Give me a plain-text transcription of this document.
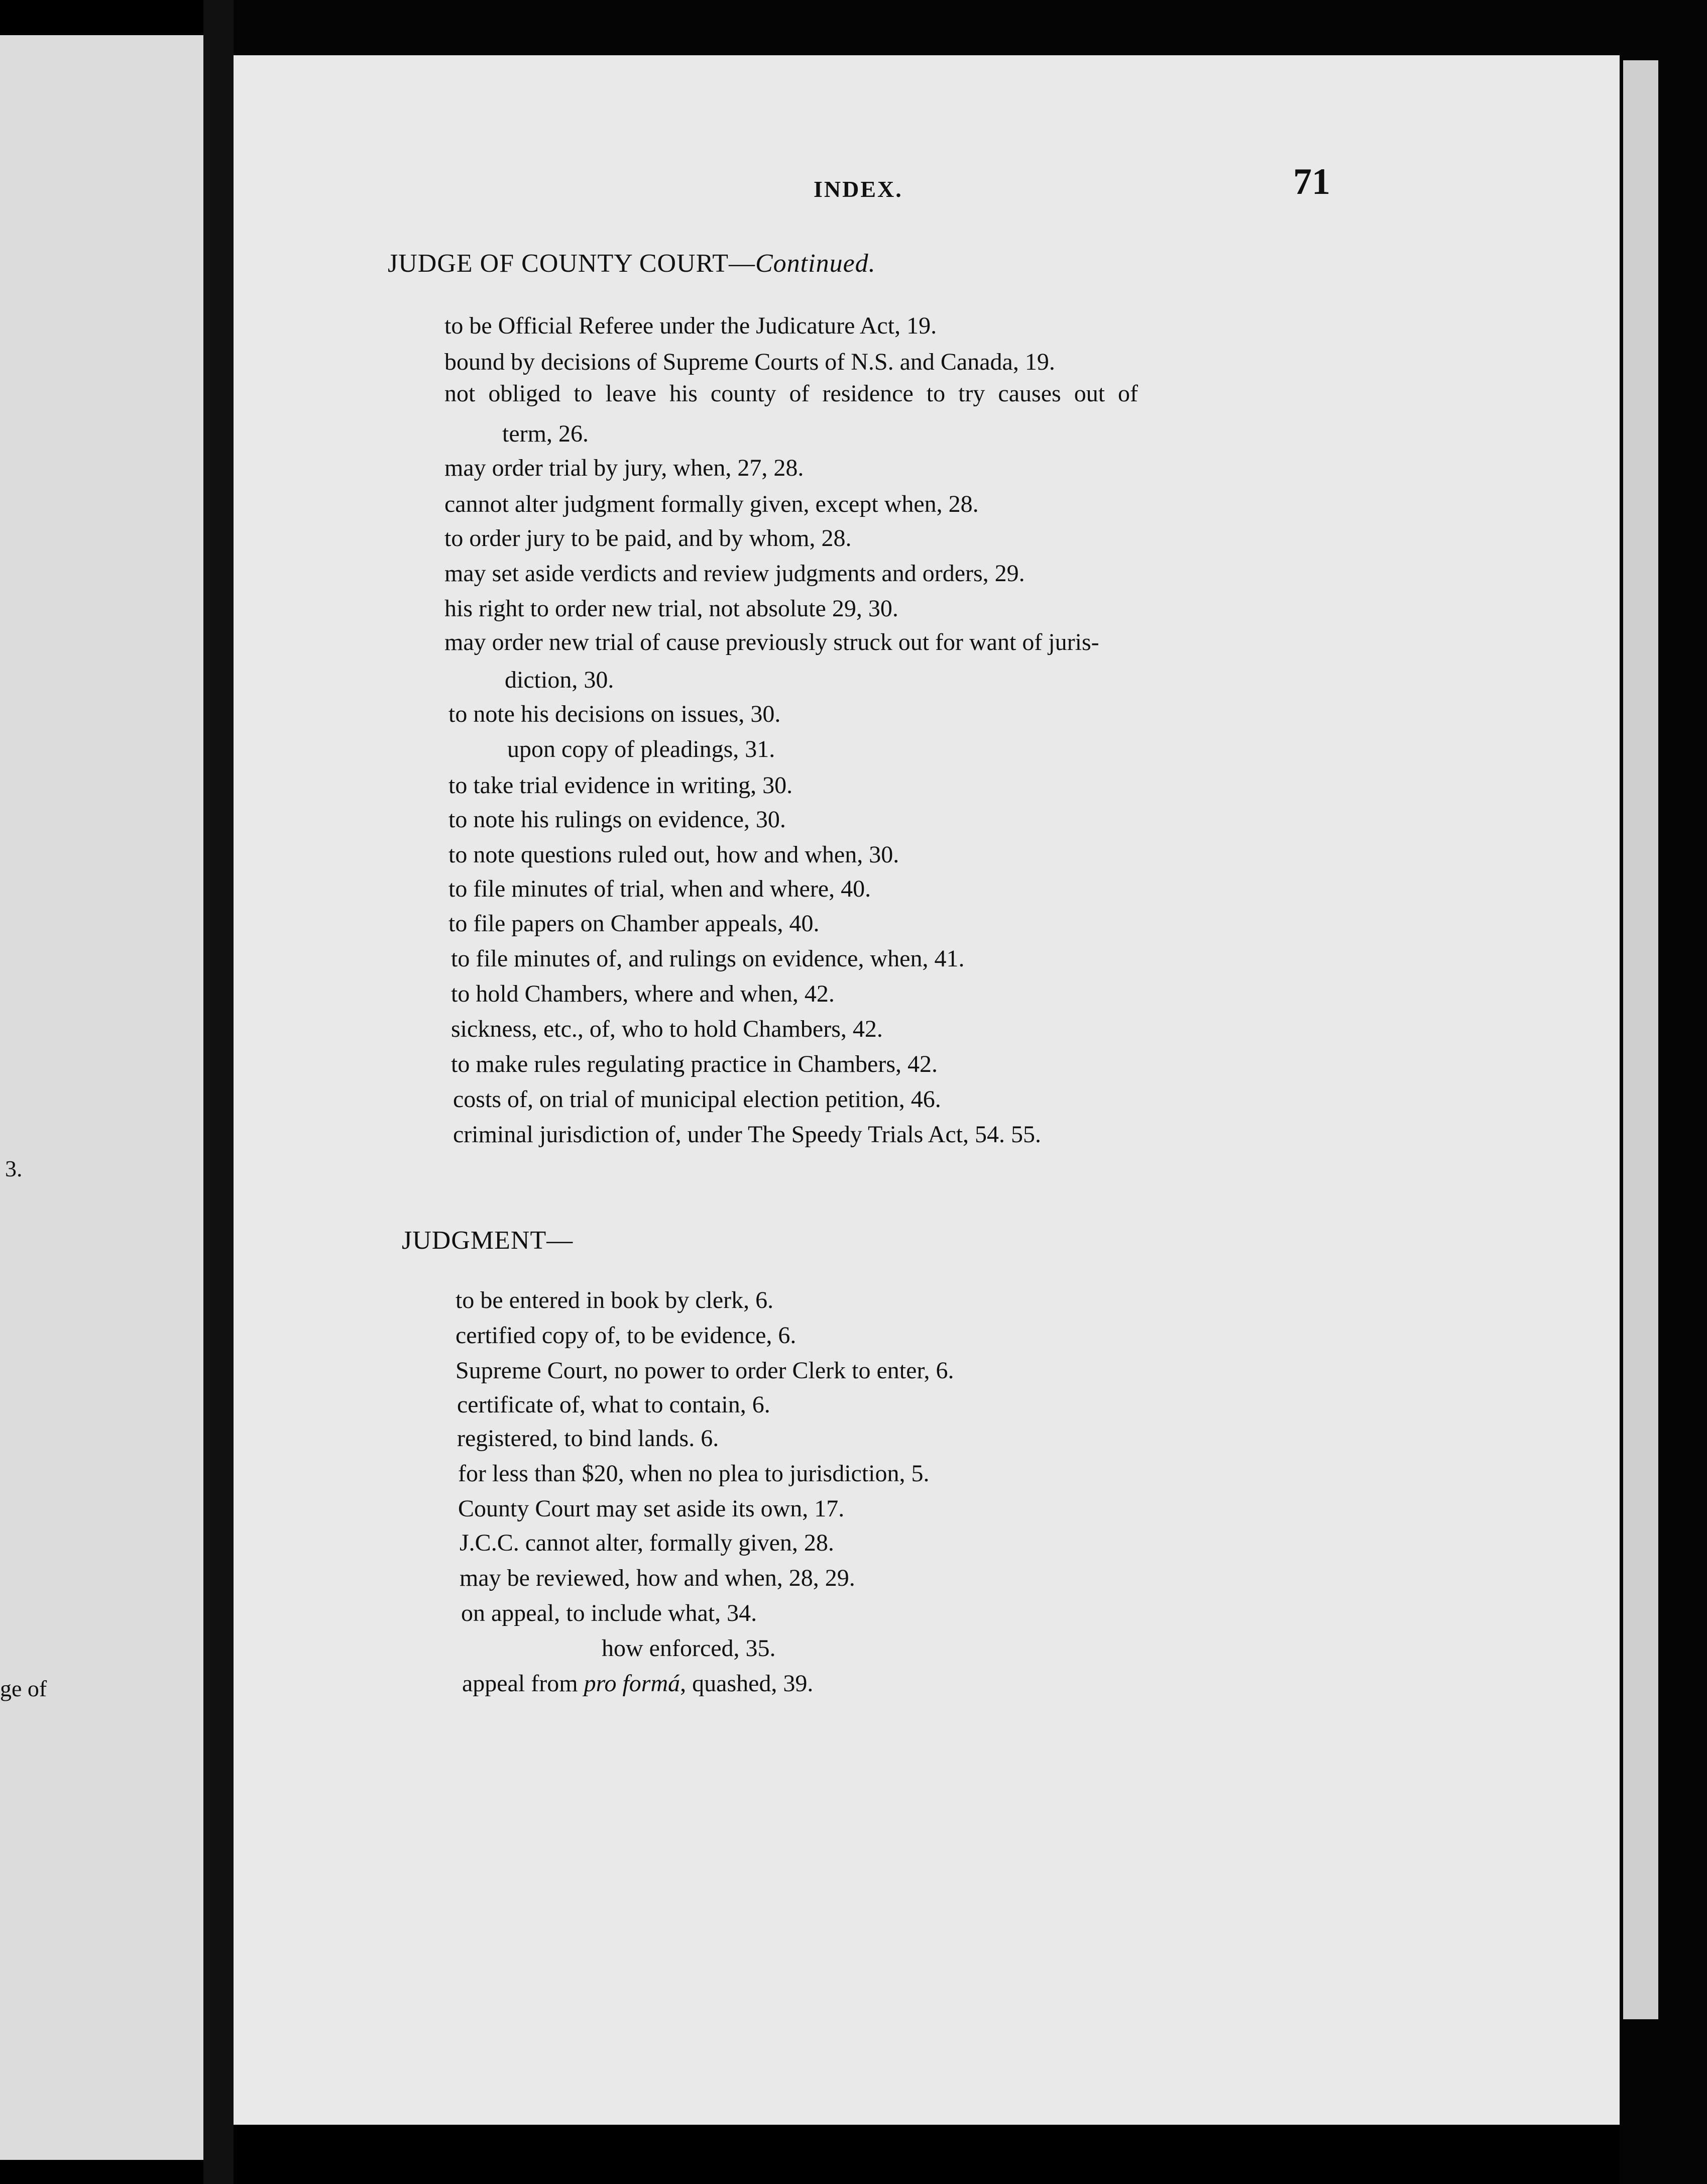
3.
ge of
INDEX.	71
JUDGE OF COUNTY COURT—Continued.
to be Official Referee under the Judicature Act, 19.
bound by decisions of Supreme Courts of N.S. and Canada, 19.
not obliged to leave his county of residence to try causes out of
term, 26.
may order trial by jury, when, 27, 28.
cannot alter judgment formally given, except when, 28.
to order jury to be paid, and by whom, 28.
may set aside verdicts and review judgments and orders, 29.
his right to order new trial, not absolute 29, 30.
may order new trial of cause previously struck out for want of juris-
diction, 30.
to note his decisions on issues, 30.
upon copy of pleadings, 31.
to take trial evidence in writing, 30.
to note his rulings on evidence, 30.
to note questions ruled out, how and when, 30.
to file minutes of trial, when and where, 40.
to file papers on Chamber appeals, 40.
to file minutes of, and rulings on evidence, when, 41.
to hold Chambers, where and when, 42.
sickness, etc., of, who to hold Chambers, 42.
to make rules regulating practice in Chambers, 42.
costs of, on trial of municipal election petition, 46.
criminal jurisdiction of, under The Speedy Trials Act, 54. 55.
JUDGMENT—
to be entered in book by clerk, 6.
certified copy of, to be evidence, 6.
Supreme Court, no power to order Clerk to enter, 6.
certificate of, what to contain, 6.
registered, to bind lands. 6.
for less than $20, when no plea to jurisdiction, 5.
County Court may set aside its own, 17.
J.C.C. cannot alter, formally given, 28.
may be reviewed, how and when, 28, 29.
on appeal, to include what, 34.
how enforced, 35.
appeal from pro formá, quashed, 39.
